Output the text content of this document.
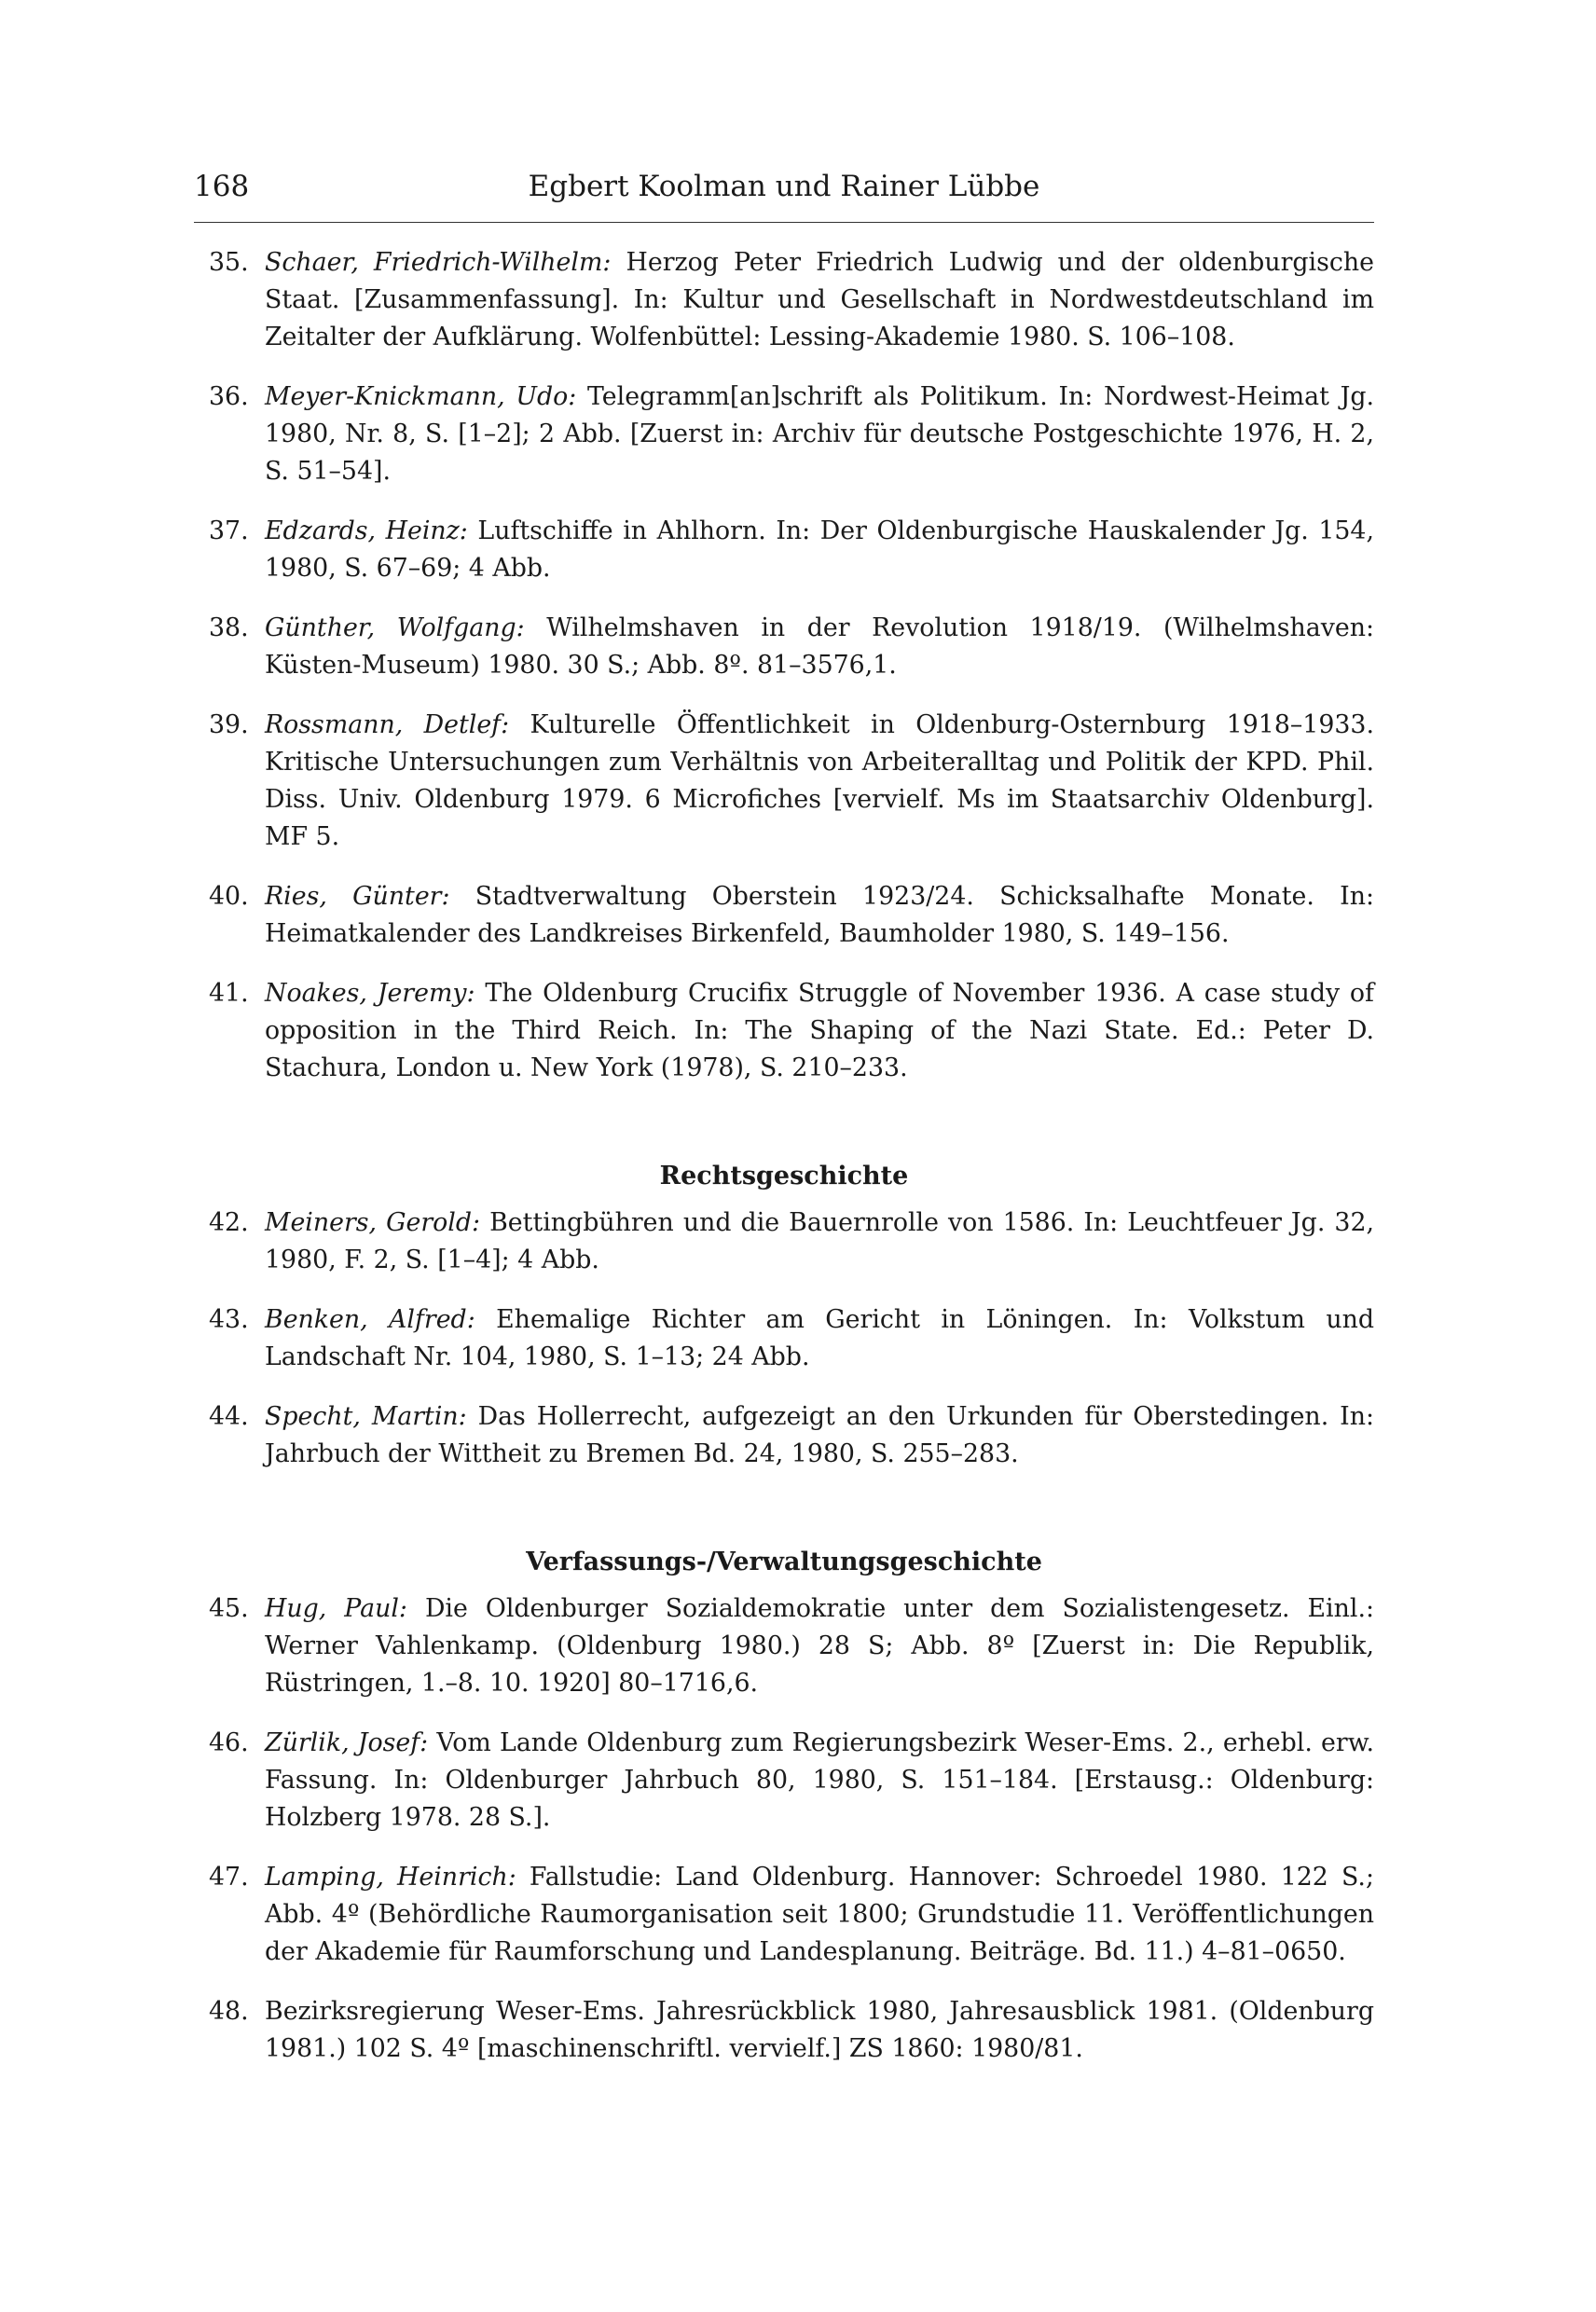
168	Egbert Koolman und Rainer Lübbe
35. Schaer, Friedrich-Wilhelm: Herzog Peter Friedrich Ludwig und der oldenburgische Staat. [Zusammenfassung]. In: Kultur und Gesellschaft in Nordwestdeutschland im Zeitalter der Aufklärung. Wolfenbüttel: Lessing-Akademie 1980. S. 106–108.
36. Meyer-Knickmann, Udo: Telegramm[an]schrift als Politikum. In: Nordwest-Heimat Jg. 1980, Nr. 8, S. [1–2]; 2 Abb. [Zuerst in: Archiv für deutsche Postgeschichte 1976, H. 2, S. 51–54].
37. Edzards, Heinz: Luftschiffe in Ahlhorn. In: Der Oldenburgische Hauskalender Jg. 154, 1980, S. 67–69; 4 Abb.
38. Günther, Wolfgang: Wilhelmshaven in der Revolution 1918/19. (Wilhelmshaven: Küsten-Museum) 1980. 30 S.; Abb. 8º. 81–3576,1.
39. Rossmann, Detlef: Kulturelle Öffentlichkeit in Oldenburg-Osternburg 1918–1933. Kritische Untersuchungen zum Verhältnis von Arbeiteralltag und Politik der KPD. Phil. Diss. Univ. Oldenburg 1979. 6 Microfiches [vervielf. Ms im Staatsarchiv Oldenburg]. MF 5.
40. Ries, Günter: Stadtverwaltung Oberstein 1923/24. Schicksalhafte Monate. In: Heimatkalender des Landkreises Birkenfeld, Baumholder 1980, S. 149–156.
41. Noakes, Jeremy: The Oldenburg Crucifix Struggle of November 1936. A case study of opposition in the Third Reich. In: The Shaping of the Nazi State. Ed.: Peter D. Stachura, London u. New York (1978), S. 210–233.
Rechtsgeschichte
42. Meiners, Gerold: Bettingbühren und die Bauernrolle von 1586. In: Leuchtfeuer Jg. 32, 1980, F. 2, S. [1–4]; 4 Abb.
43. Benken, Alfred: Ehemalige Richter am Gericht in Löningen. In: Volkstum und Landschaft Nr. 104, 1980, S. 1–13; 24 Abb.
44. Specht, Martin: Das Hollerrecht, aufgezeigt an den Urkunden für Oberstedingen. In: Jahrbuch der Wittheit zu Bremen Bd. 24, 1980, S. 255–283.
Verfassungs-/Verwaltungsgeschichte
45. Hug, Paul: Die Oldenburger Sozialdemokratie unter dem Sozialistengesetz. Einl.: Werner Vahlenkamp. (Oldenburg 1980.) 28 S; Abb. 8º [Zuerst in: Die Republik, Rüstringen, 1.–8. 10. 1920] 80–1716,6.
46. Zürlik, Josef: Vom Lande Oldenburg zum Regierungsbezirk Weser-Ems. 2., erhebl. erw. Fassung. In: Oldenburger Jahrbuch 80, 1980, S. 151–184. [Erstausg.: Oldenburg: Holzberg 1978. 28 S.].
47. Lamping, Heinrich: Fallstudie: Land Oldenburg. Hannover: Schroedel 1980. 122 S.; Abb. 4º (Behördliche Raumorganisation seit 1800; Grundstudie 11. Veröffentlichungen der Akademie für Raumforschung und Landesplanung. Beiträge. Bd. 11.) 4–81–0650.
48. Bezirksregierung Weser-Ems. Jahresrückblick 1980, Jahresausblick 1981. (Oldenburg 1981.) 102 S. 4º [maschinenschriftl. vervielf.] ZS 1860: 1980/81.
